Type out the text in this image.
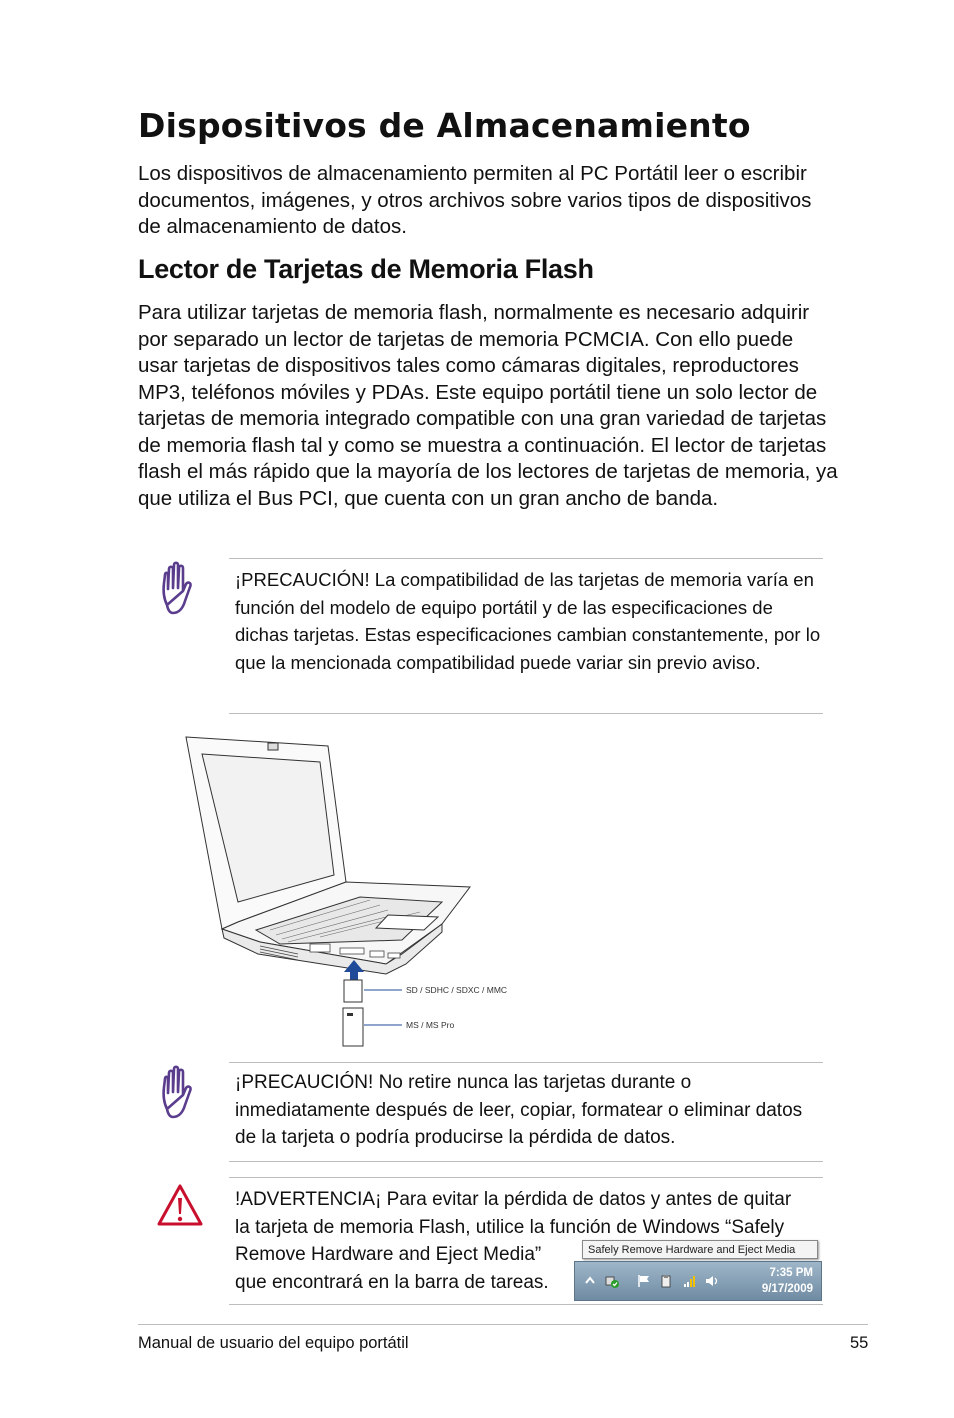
Dispositivos de Almacenamiento
Los dispositivos de almacenamiento permiten al PC Portátil leer o escribir documentos, imágenes, y otros archivos sobre varios tipos de dispositivos de almacenamiento de datos.
Lector de Tarjetas de Memoria Flash
Para utilizar tarjetas de memoria flash, normalmente es necesario adquirir por separado un lector de tarjetas de memoria PCMCIA. Con ello puede usar tarjetas de dispositivos tales como cámaras digitales, reproductores MP3, teléfonos móviles y PDAs. Este equipo portátil tiene un solo lector de tarjetas de memoria integrado compatible con una gran variedad de tarjetas de memoria flash tal y como se muestra a continuación. El lector de tarjetas flash el más rápido que la mayoría de los lectores de tarjetas de memoria, ya que utiliza el Bus PCI, que cuenta con un gran ancho de banda.
¡PRECAUCIÓN! La compatibilidad de las tarjetas de memoria varía en función del modelo de equipo portátil y de las especificaciones de dichas tarjetas. Estas especificaciones cambian constantemente, por lo que la mencionada compatibilidad puede variar sin previo aviso.
SD / SDHC / SDXC / MMC
MS / MS Pro
¡PRECAUCIÓN! No retire nunca las tarjetas durante o inmediatamente después de leer, copiar, formatear o eliminar datos de la tarjeta o podría producirse la pérdida de datos.
!ADVERTENCIA¡ Para evitar la pérdida de datos y antes de quitar
la tarjeta de memoria Flash, utilice la función de Windows “Safely
Remove Hardware and Eject Media”
que encontrará en la barra de tareas.
Safely Remove Hardware and Eject Media
7:35 PM
9/17/2009
Manual de usuario del equipo portátil	55
